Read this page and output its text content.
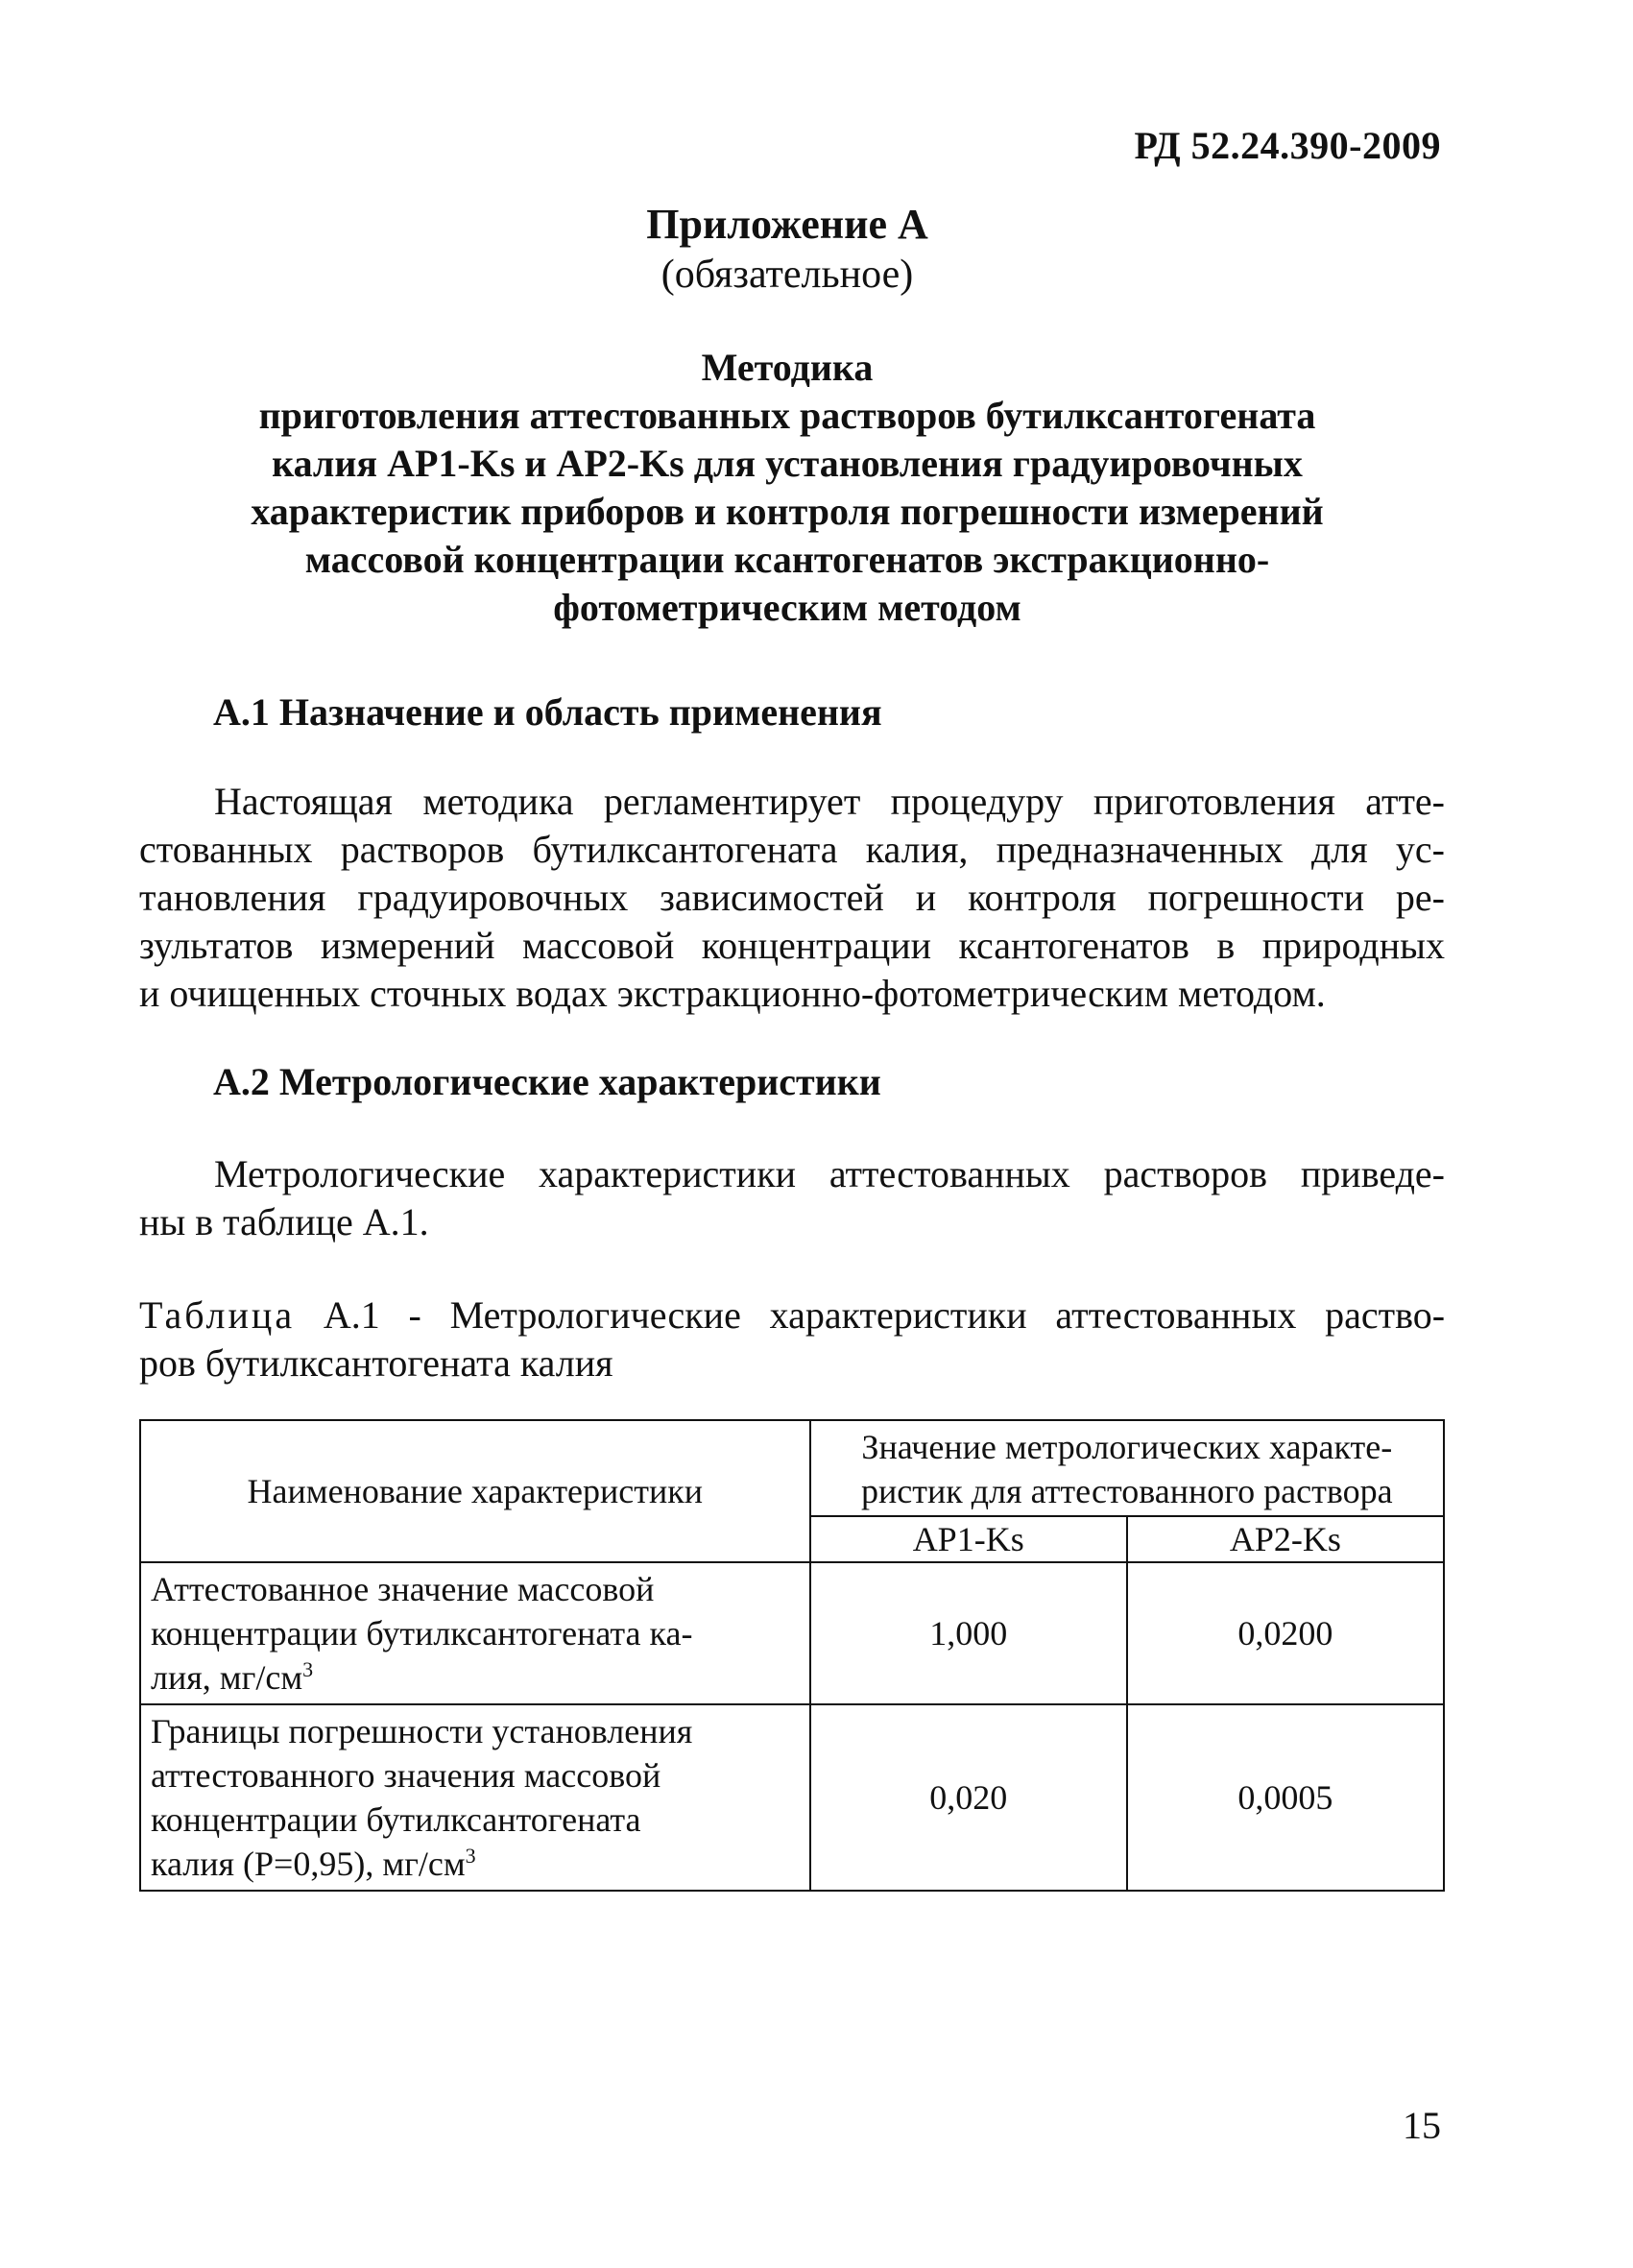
РД 52.24.390-2009
Приложение А
(обязательное)
Методика
приготовления аттестованных растворов бутилксантогената
калия АР1-Ks и АР2-Ks для установления градуировочных
характеристик приборов и контроля погрешности измерений
массовой концентрации ксантогенатов экстракционно-
фотометрическим методом
А.1 Назначение и область применения
Настоящая методика регламентирует процедуру приготовления атте-
стованных растворов бутилксантогената калия, предназначенных для ус-
тановления градуировочных зависимостей и контроля погрешности ре-
зультатов измерений массовой концентрации ксантогенатов в природных
и очищенных сточных водах экстракционно-фотометрическим методом.
А.2 Метрологические характеристики
Метрологические характеристики аттестованных растворов приведе-
ны в таблице А.1.
Таблица А.1 - Метрологические характеристики аттестованных раство-
ров бутилксантогената калия
Наименование характеристики	Значение метрологических характе-
ристик для аттестованного раствора	

	АР1-Ks	АР2-Ks

Аттестованное значение массовой
концентрации бутилксантогената ка-
лия, $мг/см^3$	1,000	0,0200

Границы погрешности установления
аттестованного значения массовой
концентрации бутилксантогената
калия (Р=0,95), $мг/см^3$	0,020	0,0005
15
